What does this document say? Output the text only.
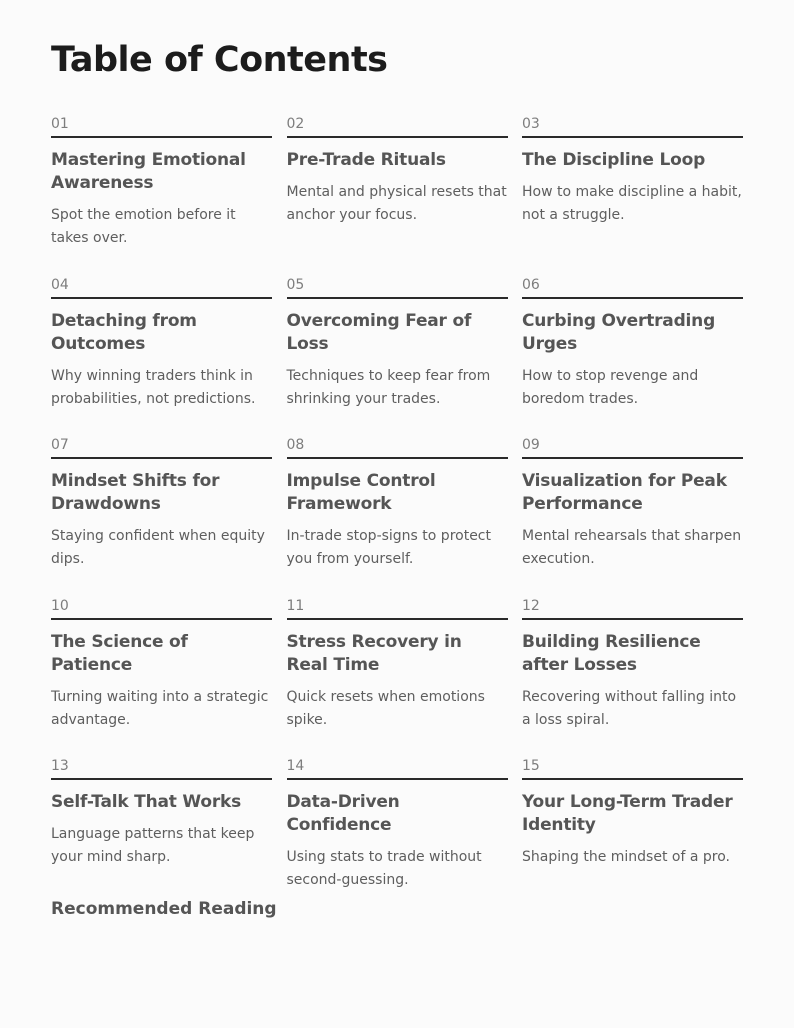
Table of Contents
01
Mastering Emotional Awareness

Spot the emotion before it takes over.

02
Pre-Trade Rituals

Mental and physical resets that anchor your focus.

03
The Discipline Loop

How to make discipline a habit, not a struggle.

04
Detaching from Outcomes

Why winning traders think in probabilities, not predictions.

05
Overcoming Fear of Loss

Techniques to keep fear from shrinking your trades.

06
Curbing Overtrading Urges

How to stop revenge and boredom trades.

07
Mindset Shifts for Drawdowns

Staying confident when equity dips.

08
Impulse Control Framework

In-trade stop-signs to protect you from yourself.

09
Visualization for Peak Performance

Mental rehearsals that sharpen execution.

10
The Science of Patience

Turning waiting into a strategic advantage.

11
Stress Recovery in Real Time

Quick resets when emotions spike.

12
Building Resilience after Losses

Recovering without falling into a loss spiral.

13
Self-Talk That Works

Language patterns that keep your mind sharp.

14
Data-Driven Confidence

Using stats to trade without second-guessing.

15
Your Long-Term Trader Identity

Shaping the mindset of a pro.

Recommended Reading
